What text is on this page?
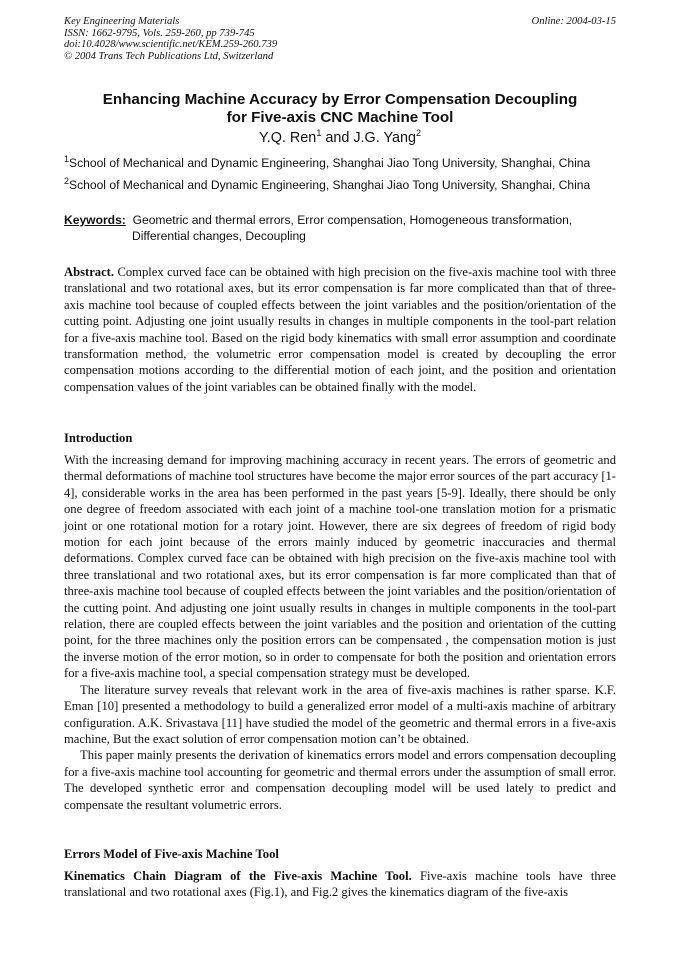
Key Engineering Materials
ISSN: 1662-9795, Vols. 259-260, pp 739-745
doi:10.4028/www.scientific.net/KEM.259-260.739
© 2004 Trans Tech Publications Ltd, Switzerland
Online: 2004-03-15
Enhancing Machine Accuracy by Error Compensation Decoupling
for Five-axis CNC Machine Tool
Y.Q. Ren$^1$ and J.G. Yang$^2$
$^1$School of Mechanical and Dynamic Engineering, Shanghai Jiao Tong University, Shanghai, China
$^2$School of Mechanical and Dynamic Engineering, Shanghai Jiao Tong University, Shanghai, China
Keywords: Geometric and thermal errors, Error compensation, Homogeneous transformation,
Differential changes, Decoupling

Abstract. Complex curved face can be obtained with high precision on the five-axis machine tool with three translational and two rotational axes, but its error compensation is far more complicated than that of three-axis machine tool because of coupled effects between the joint variables and the position/orientation of the cutting point. Adjusting one joint usually results in changes in multiple components in the tool-part relation for a five-axis machine tool. Based on the rigid body kinematics with small error assumption and coordinate transformation method, the volumetric error compensation model is created by decoupling the error compensation motions according to the differential motion of each joint, and the position and orientation compensation values of the joint variables can be obtained finally with the model.

Introduction

With the increasing demand for improving machining accuracy in recent years. The errors of geometric and thermal deformations of machine tool structures have become the major error sources of the part accuracy [1-4], considerable works in the area has been performed in the past years [5-9]. Ideally, there should be only one degree of freedom associated with each joint of a machine tool-one translation motion for a prismatic joint or one rotational motion for a rotary joint. However, there are six degrees of freedom of rigid body motion for each joint because of the errors mainly induced by geometric inaccuracies and thermal deformations. Complex curved face can be obtained with high precision on the five-axis machine tool with three translational and two rotational axes, but its error compensation is far more complicated than that of three-axis machine tool because of coupled effects between the joint variables and the position/orientation of the cutting point. And adjusting one joint usually results in changes in multiple components in the tool-part relation, there are coupled effects between the joint variables and the position and orientation of the cutting point, for the three machines only the position errors can be compensated , the compensation motion is just the inverse motion of the error motion, so in order to compensate for both the position and orientation errors for a five-axis machine tool, a special compensation strategy must be developed.

The literature survey reveals that relevant work in the area of five-axis machines is rather sparse. K.F. Eman [10] presented a methodology to build a generalized error model of a multi-axis machine of arbitrary configuration. A.K. Srivastava [11] have studied the model of the geometric and thermal errors in a five-axis machine, But the exact solution of error compensation motion can’t be obtained.

This paper mainly presents the derivation of kinematics errors model and errors compensation decoupling for a five-axis machine tool accounting for geometric and thermal errors under the assumption of small error. The developed synthetic error and compensation decoupling model will be used lately to predict and compensate the resultant volumetric errors.

Errors Model of Five-axis Machine Tool

Kinematics Chain Diagram of the Five-axis Machine Tool. Five-axis machine tools have three translational and two rotational axes (Fig.1), and Fig.2 gives the kinematics diagram of the five-axis
